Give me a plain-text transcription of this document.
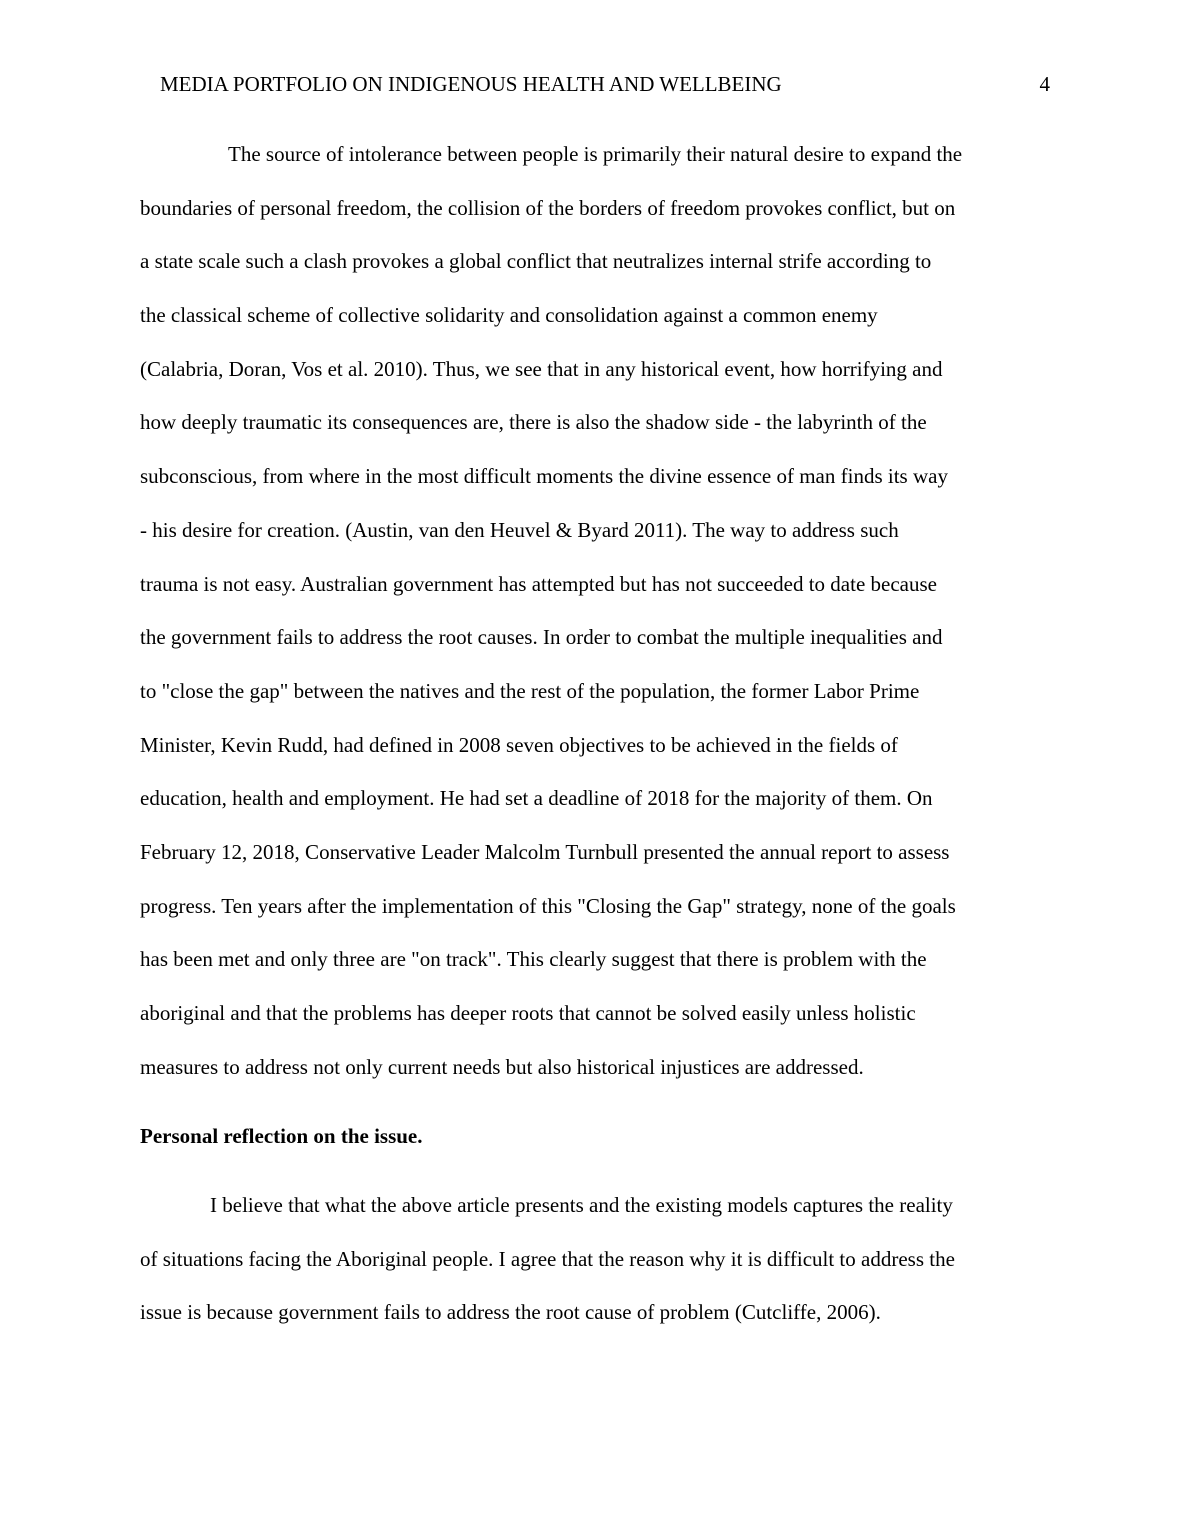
MEDIA PORTFOLIO ON INDIGENOUS HEALTH AND WELLBEING	4
The source of intolerance between people is primarily their natural desire to expand the
boundaries of personal freedom, the collision of the borders of freedom provokes conflict, but on
a state scale such a clash provokes a global conflict that neutralizes internal strife according to
the classical scheme of collective solidarity and consolidation against a common enemy
(Calabria, Doran, Vos et al. 2010). Thus, we see that in any historical event, how horrifying and
how deeply traumatic its consequences are, there is also the shadow side - the labyrinth of the
subconscious, from where in the most difficult moments the divine essence of man finds its way
- his desire for creation. (Austin, van den Heuvel & Byard 2011). The way to address such
trauma is not easy. Australian government has attempted but has not succeeded to date because
the government fails to address the root causes. In order to combat the multiple inequalities and
to "close the gap" between the natives and the rest of the population, the former Labor Prime
Minister, Kevin Rudd, had defined in 2008 seven objectives to be achieved in the fields of
education, health and employment. He had set a deadline of 2018 for the majority of them. On
February 12, 2018, Conservative Leader Malcolm Turnbull presented the annual report to assess
progress. Ten years after the implementation of this "Closing the Gap" strategy, none of the goals
has been met and only three are "on track". This clearly suggest that there is problem with the
aboriginal and that the problems has deeper roots that cannot be solved easily unless holistic
measures to address not only current needs but also historical injustices are addressed.
Personal reflection on the issue.
I believe that what the above article presents and the existing models captures the reality
of situations facing the Aboriginal people. I agree that the reason why it is difficult to address the
issue is because government fails to address the root cause of problem (Cutcliffe, 2006).
